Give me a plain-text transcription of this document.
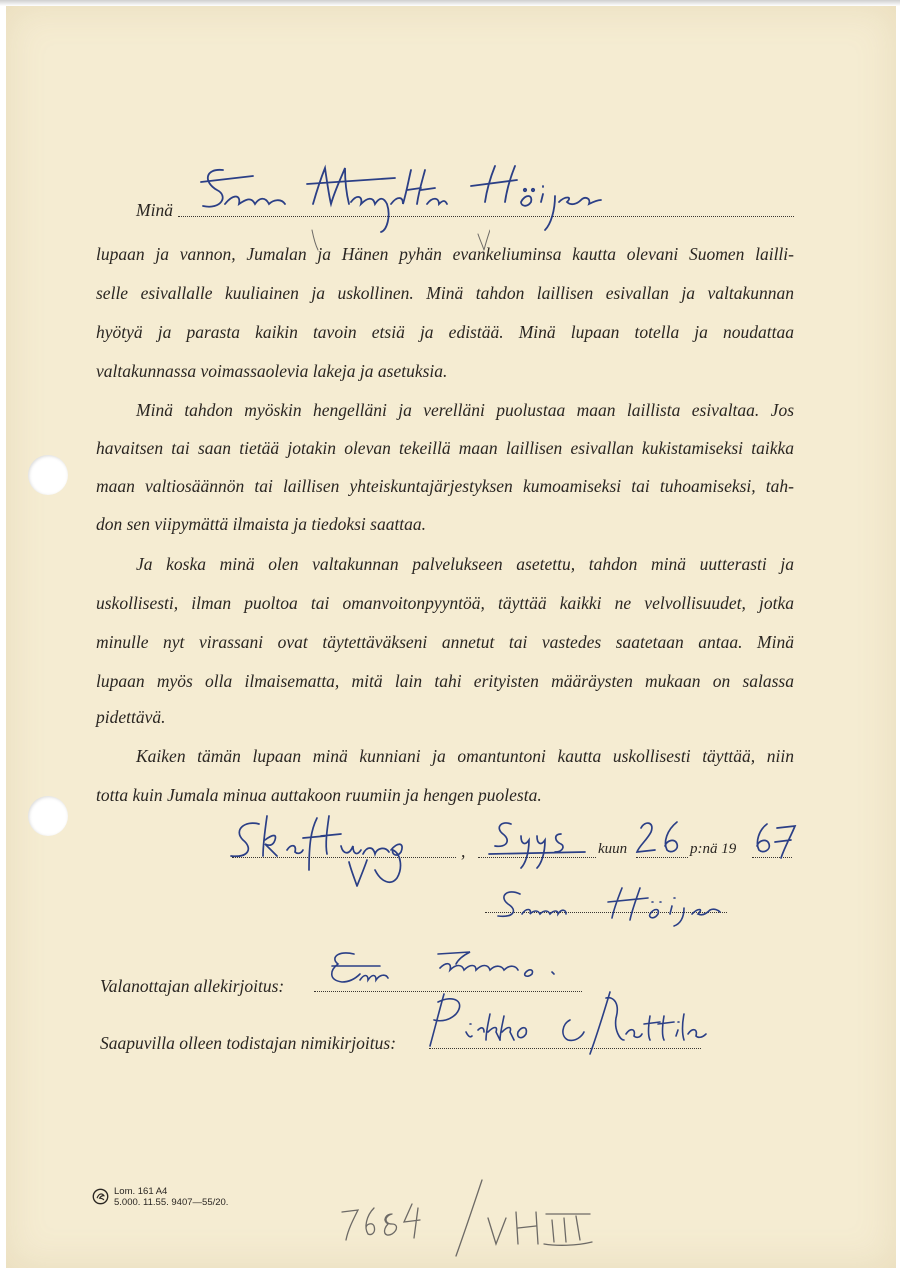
Minä
lupaan ja vannon, Jumalan ja Hänen pyhän evankeliuminsa kautta olevani Suomen lailli-
selle esivallalle kuuliainen ja uskollinen. Minä tahdon laillisen esivallan ja valtakunnan
hyötyä ja parasta kaikin tavoin etsiä ja edistää. Minä lupaan totella ja noudattaa
valtakunnassa voimassaolevia lakeja ja asetuksia.
Minä tahdon myöskin hengelläni ja verelläni puolustaa maan laillista esivaltaa. Jos
havaitsen tai saan tietää jotakin olevan tekeillä maan laillisen esivallan kukistamiseksi taikka
maan valtiosäännön tai laillisen yhteiskuntajärjestyksen kumoamiseksi tai tuhoamiseksi, tah-
don sen viipymättä ilmaista ja tiedoksi saattaa.
Ja koska minä olen valtakunnan palvelukseen asetettu, tahdon minä uutterasti ja
uskollisesti, ilman puoltoa tai omanvoitonpyyntöä, täyttää kaikki ne velvollisuudet, jotka
minulle nyt virassani ovat täytettäväkseni annetut tai vastedes saatetaan antaa. Minä
lupaan myös olla ilmaisematta, mitä lain tahi erityisten määräysten mukaan on salassa
pidettävä.
Kaiken tämän lupaan minä kunniani ja omantuntoni kautta uskollisesti täyttää, niin
totta kuin Jumala minua auttakoon ruumiin ja hengen puolesta.
,	kuun	p:nä 19
Valanottajan allekirjoitus:
Saapuvilla olleen todistajan nimikirjoitus:
Lom. 161 A4
5.000. 11.55. 9407—55/20.
